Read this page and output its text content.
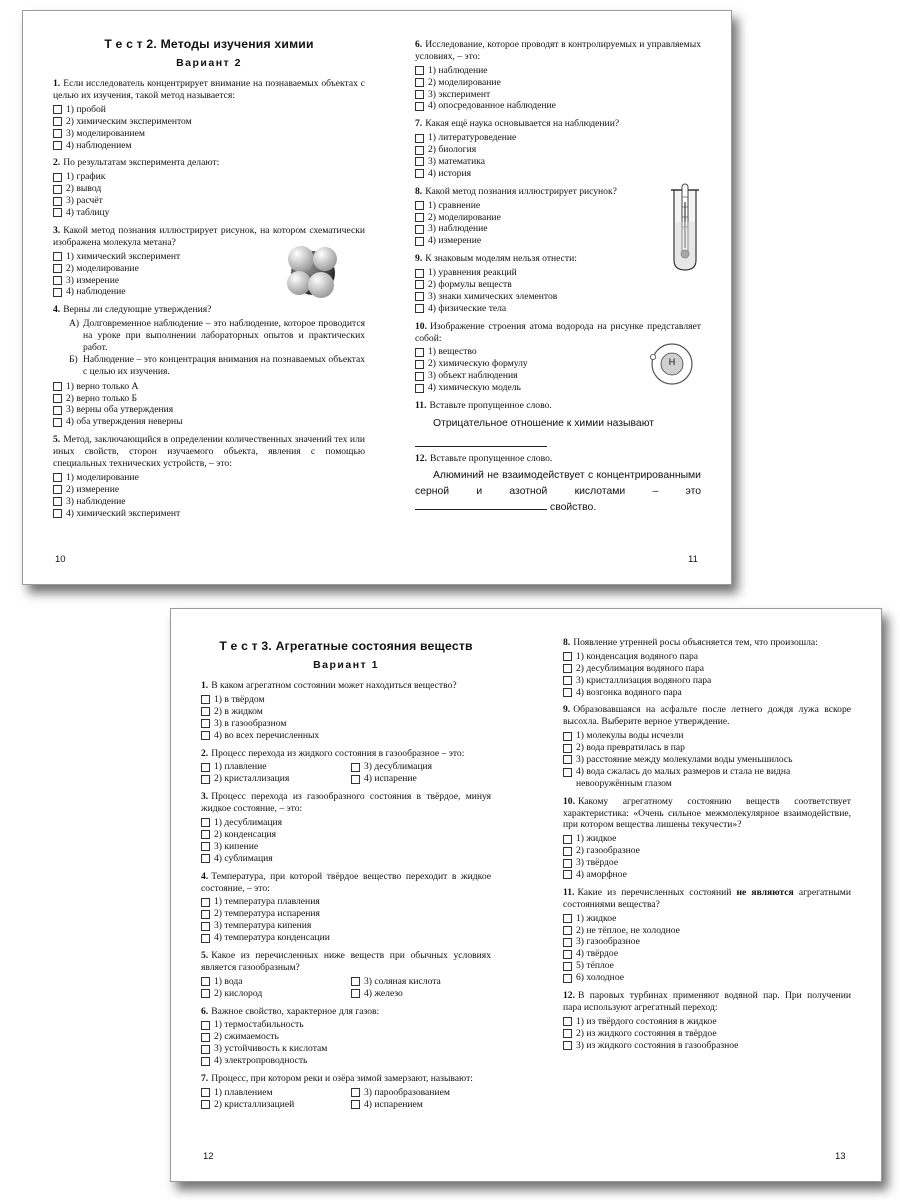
Т е с т 2. Методы изучения химии
Вариант 2
1. Если исследователь концентрирует внимание на познаваемых объектах с целью их изучения, такой метод называется:
1) пробой
2) химическим экспериментом
3) моделированием
4) наблюдением
2. По результатам эксперимента делают:
1) график
2) вывод
3) расчёт
4) таблицу
3. Какой метод познания иллюстрирует рисунок, на котором схематически изображена молекула метана?
1) химический эксперимент
2) моделирование
3) измерение
4) наблюдение
4. Верны ли следующие утверждения?
А) Долговременное наблюдение – это наблюдение, которое проводится на уроке при выполнении лабораторных опытов и практических работ.
Б) Наблюдение – это концентрация внимания на познаваемых объектах с целью их изучения.
1) верно только А
2) верно только Б
3) верны оба утверждения
4) оба утверждения неверны
5. Метод, заключающийся в определении количественных значений тех или иных свойств, сторон изучаемого объекта, явления с помощью специальных технических устройств, – это:
1) моделирование
2) измерение
3) наблюдение
4) химический эксперимент
6. Исследование, которое проводят в контролируемых и управляемых условиях, – это:
1) наблюдение
2) моделирование
3) эксперимент
4) опосредованное наблюдение
7. Какая ещё наука основывается на наблюдении?
1) литературоведение
2) биология
3) математика
4) история
8. Какой метод познания иллюстрирует рисунок?
1) сравнение
2) моделирование
3) наблюдение
4) измерение
9. К знаковым моделям нельзя отнести:
1) уравнения реакций
2) формулы веществ
3) знаки химических элементов
4) физические тела
10. Изображение строения атома водорода на рисунке представляет собой:
1) вещество
2) химическую формулу
3) объект наблюдения
4) химическую модель
H
11. Вставьте пропущенное слово.
Отрицательное отношение к химии называют
12. Вставьте пропущенное слово.
Алюминий не взаимодействует с концентрированными серной и азотной кислотами – это свойство.
10	11
Т е с т 3. Агрегатные состояния веществ
Вариант 1
1. В каком агрегатном состоянии может находиться вещество?
1) в твёрдом
2) в жидком
3) в газообразном
4) во всех перечисленных
2. Процесс перехода из жидкого состояния в газообразное – это:
1) плавление	3) десублимация
2) кристаллизация	4) испарение
3. Процесс перехода из газообразного состояния в твёрдое, минуя жидкое состояние, – это:
1) десублимация
2) конденсация
3) кипение
4) сублимация
4. Температура, при которой твёрдое вещество переходит в жидкое состояние, – это:
1) температура плавления
2) температура испарения
3) температура кипения
4) температура конденсации
5. Какое из перечисленных ниже веществ при обычных условиях является газообразным?
1) вода	3) соляная кислота
2) кислород	4) железо
6. Важное свойство, характерное для газов:
1) термостабильность
2) сжимаемость
3) устойчивость к кислотам
4) электропроводность
7. Процесс, при котором реки и озёра зимой замерзают, называют:
1) плавлением	3) парообразованием
2) кристаллизацией	4) испарением
8. Появление утренней росы объясняется тем, что произошла:
1) конденсация водяного пара
2) десублимация водяного пара
3) кристаллизация водяного пара
4) возгонка водяного пара
9. Образовавшаяся на асфальте после летнего дождя лужа вскоре высохла. Выберите верное утверждение.
1) молекулы воды исчезли
2) вода превратилась в пар
3) расстояние между молекулами воды уменьшилось
4) вода сжалась до малых размеров и стала не видна невооружённым глазом
10. Какому агрегатному состоянию веществ соответствует характеристика: «Очень сильное межмолекулярное взаимодействие, при котором вещества лишены текучести»?
1) жидкое
2) газообразное
3) твёрдое
4) аморфное
11. Какие из перечисленных состояний не являются агрегатными состояниями вещества?
1) жидкое
2) не тёплое, не холодное
3) газообразное
4) твёрдое
5) тёплое
6) холодное
12. В паровых турбинах применяют водяной пар. При получении пара используют агрегатный переход:
1) из твёрдого состояния в жидкое
2) из жидкого состояния в твёрдое
3) из жидкого состояния в газообразное
12	13
